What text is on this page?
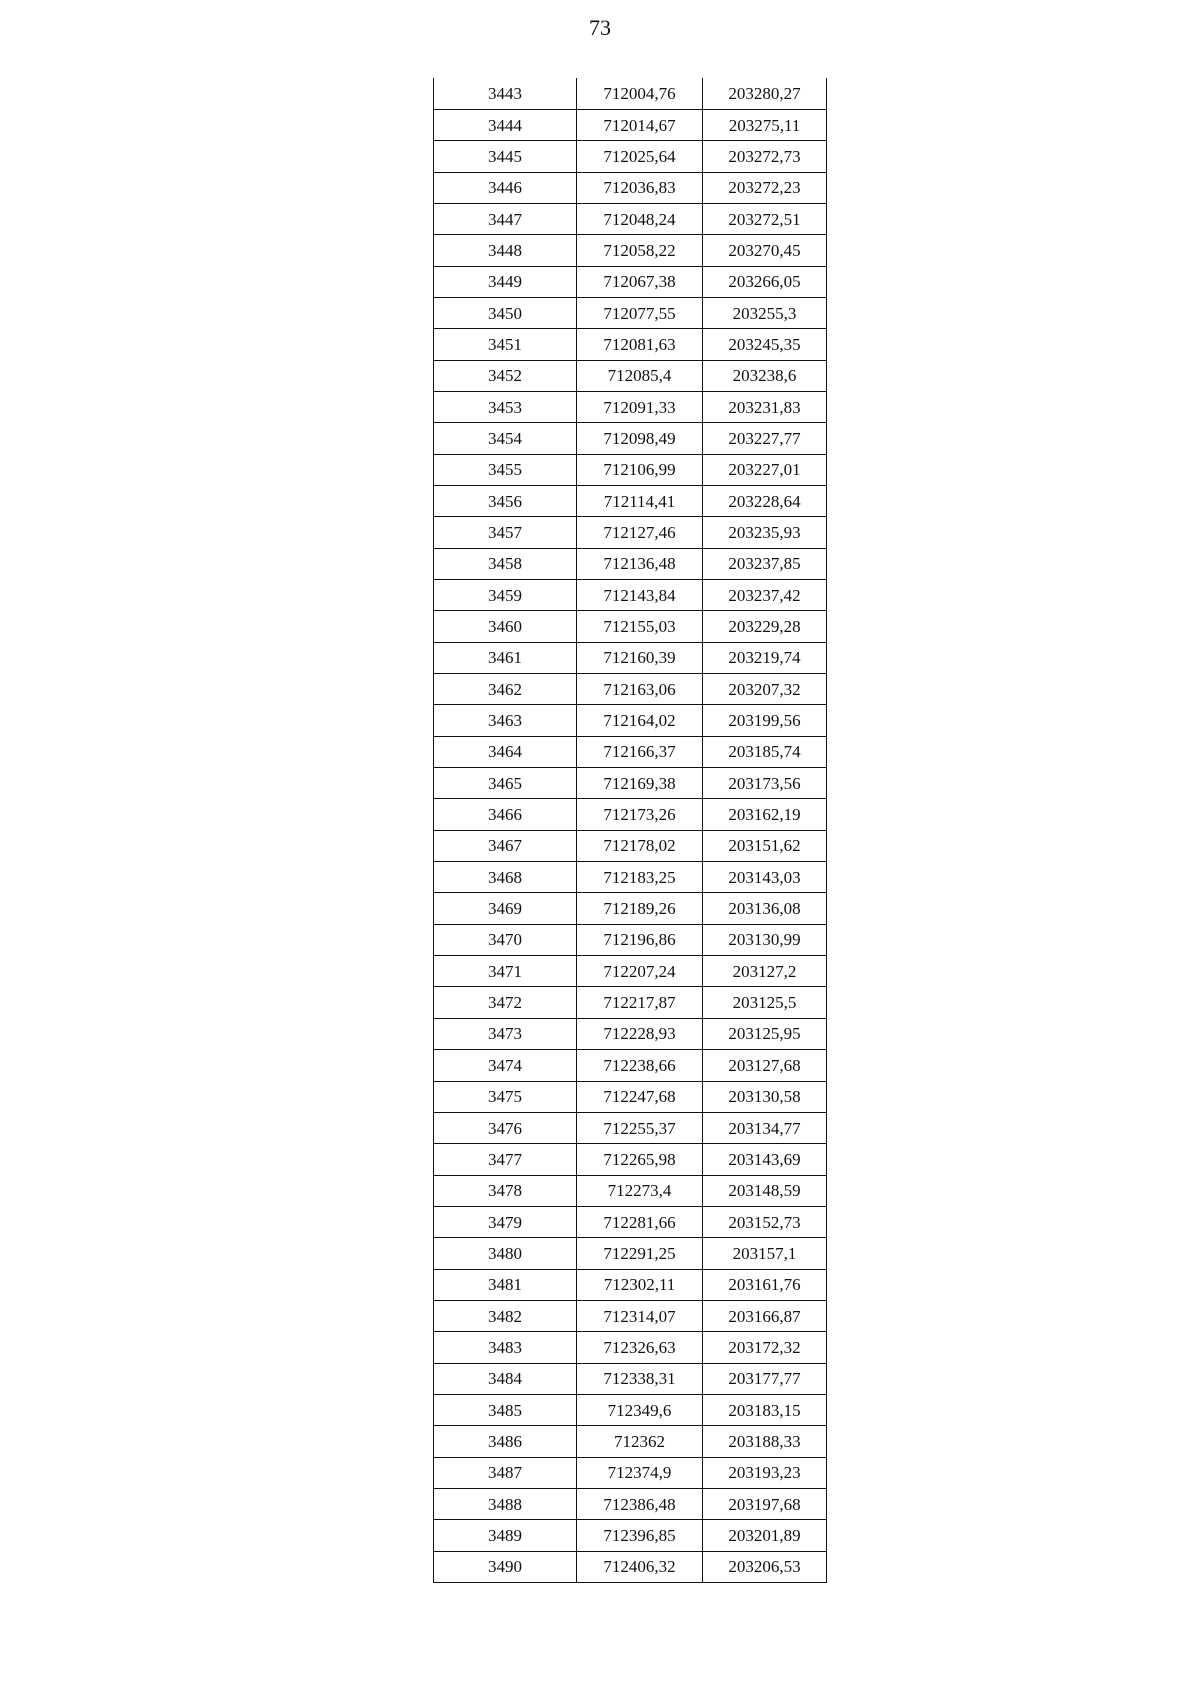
73
3443	712004,76	203280,27
3444	712014,67	203275,11
3445	712025,64	203272,73
3446	712036,83	203272,23
3447	712048,24	203272,51
3448	712058,22	203270,45
3449	712067,38	203266,05
3450	712077,55	203255,3
3451	712081,63	203245,35
3452	712085,4	203238,6
3453	712091,33	203231,83
3454	712098,49	203227,77
3455	712106,99	203227,01
3456	712114,41	203228,64
3457	712127,46	203235,93
3458	712136,48	203237,85
3459	712143,84	203237,42
3460	712155,03	203229,28
3461	712160,39	203219,74
3462	712163,06	203207,32
3463	712164,02	203199,56
3464	712166,37	203185,74
3465	712169,38	203173,56
3466	712173,26	203162,19
3467	712178,02	203151,62
3468	712183,25	203143,03
3469	712189,26	203136,08
3470	712196,86	203130,99
3471	712207,24	203127,2
3472	712217,87	203125,5
3473	712228,93	203125,95
3474	712238,66	203127,68
3475	712247,68	203130,58
3476	712255,37	203134,77
3477	712265,98	203143,69
3478	712273,4	203148,59
3479	712281,66	203152,73
3480	712291,25	203157,1
3481	712302,11	203161,76
3482	712314,07	203166,87
3483	712326,63	203172,32
3484	712338,31	203177,77
3485	712349,6	203183,15
3486	712362	203188,33
3487	712374,9	203193,23
3488	712386,48	203197,68
3489	712396,85	203201,89
3490	712406,32	203206,53
